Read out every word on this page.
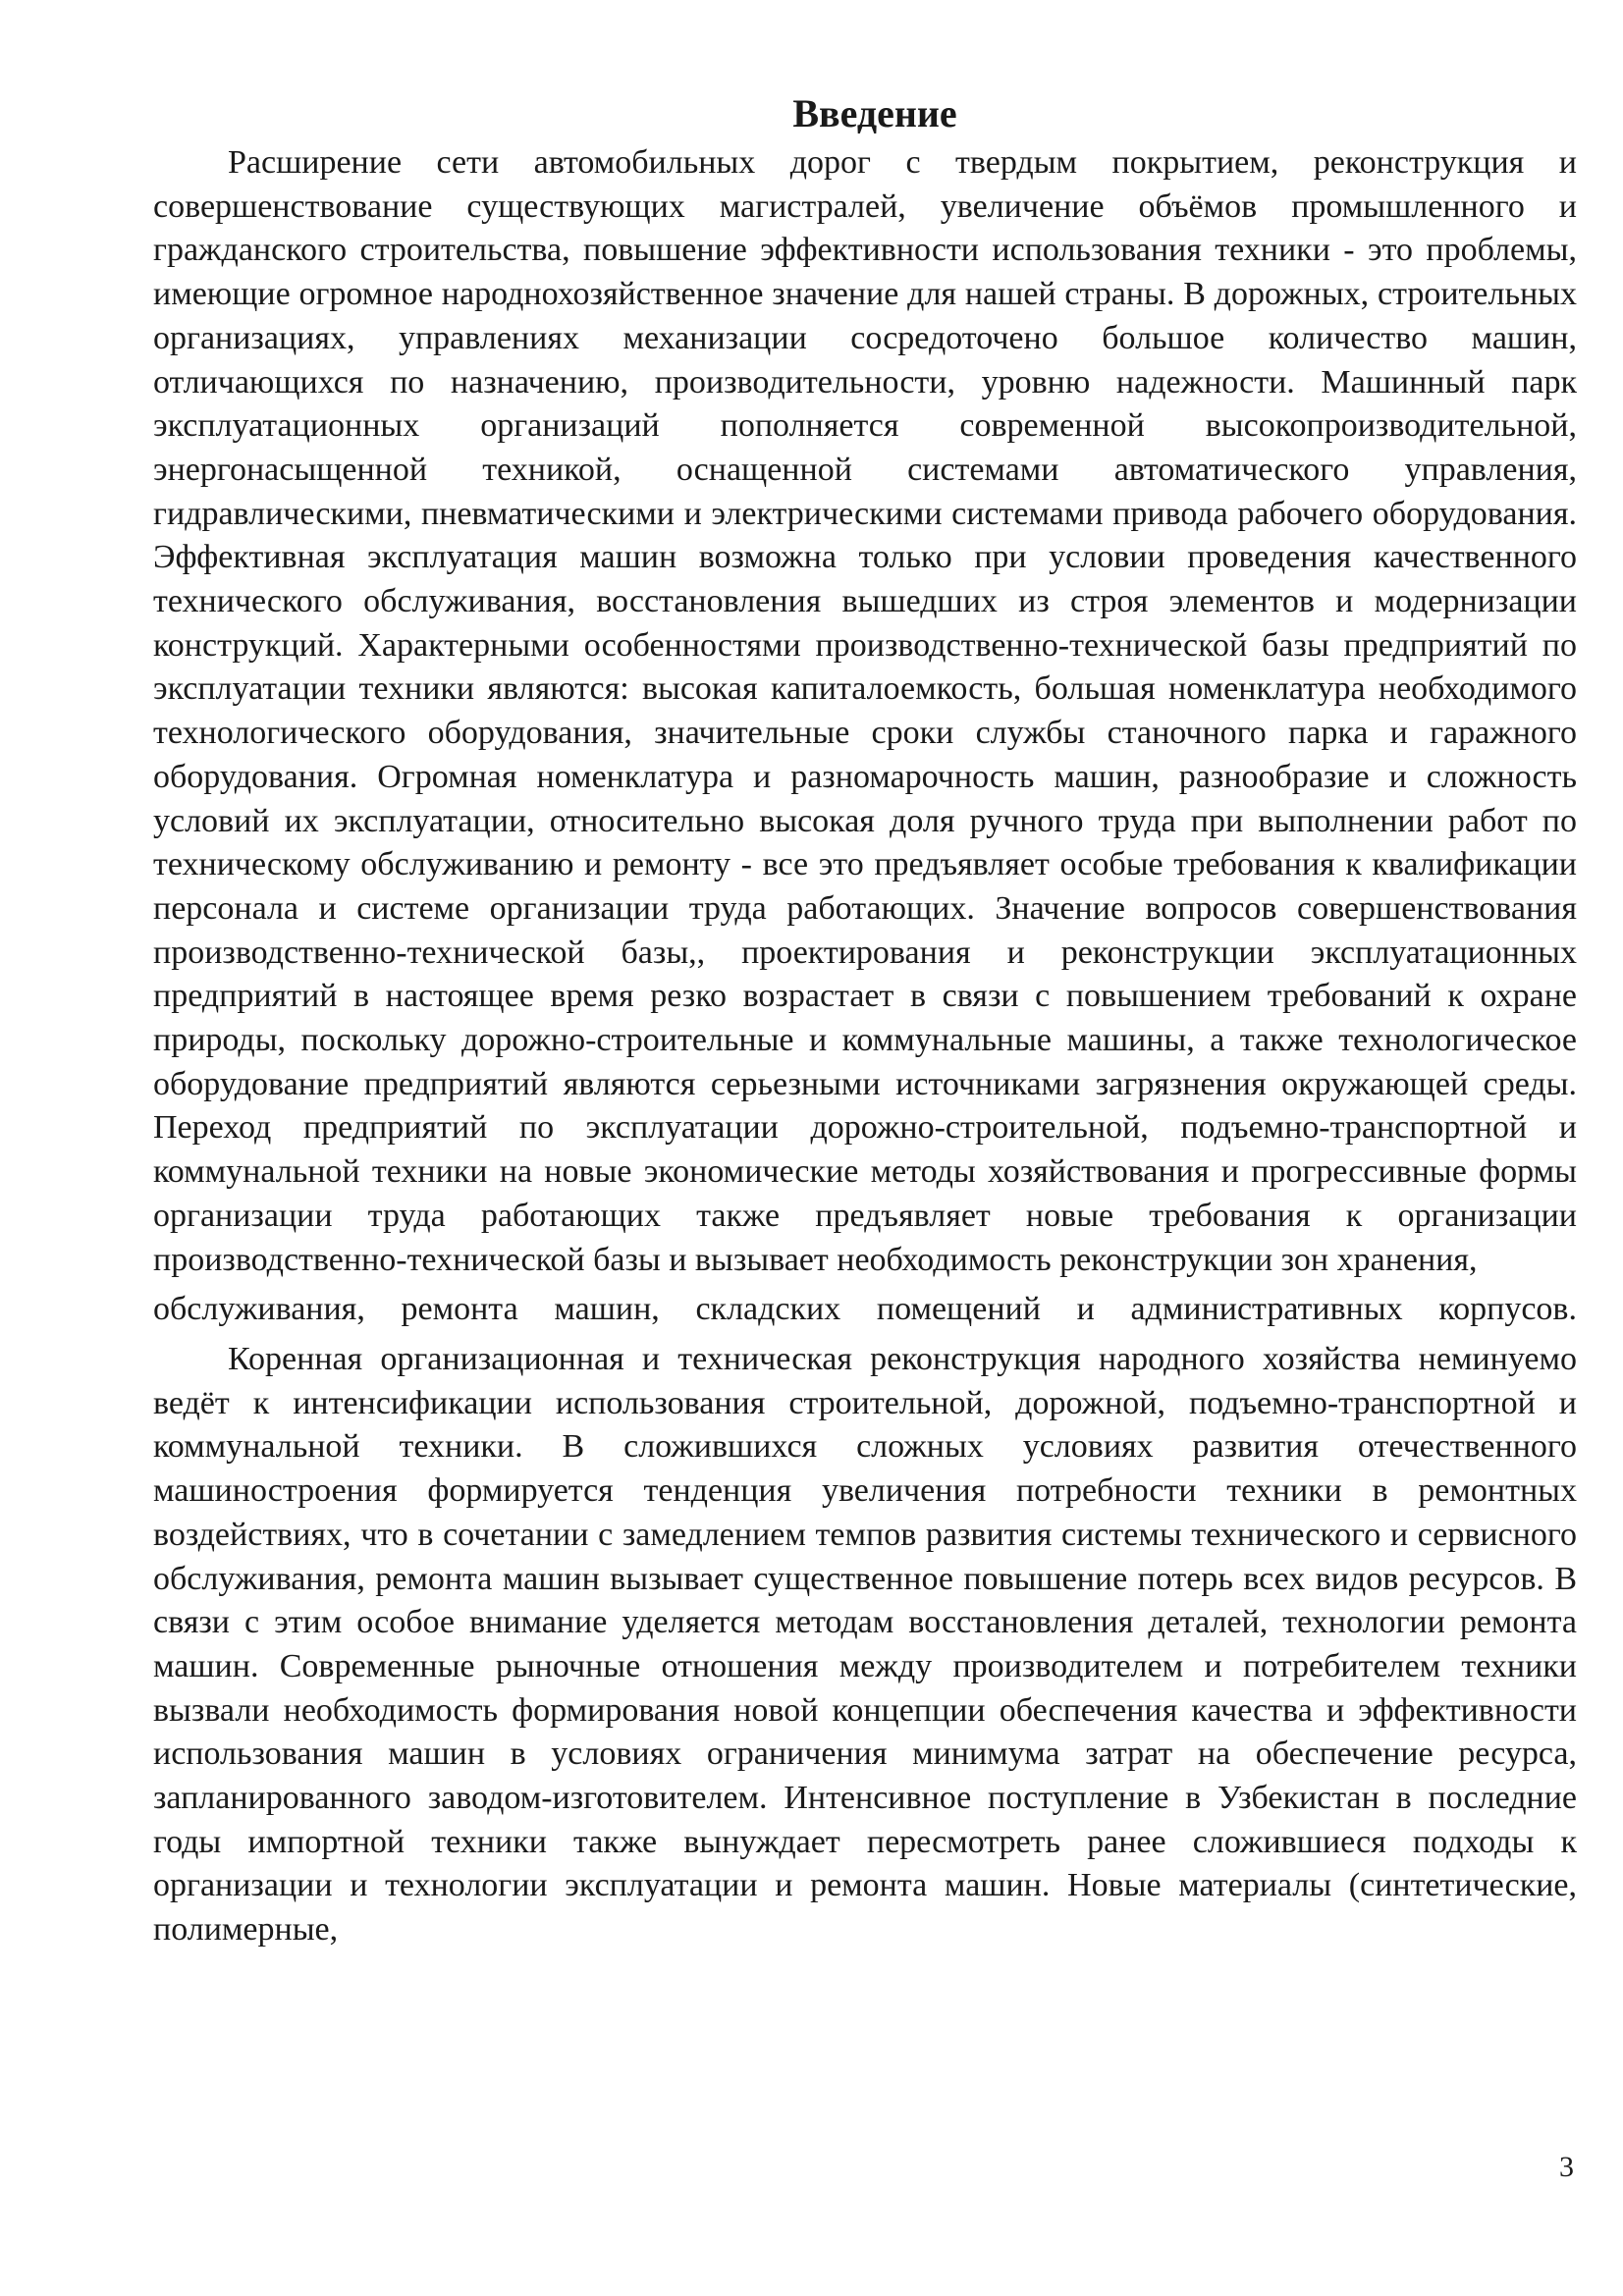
Введение

Расширение сети автомобильных дорог с твердым покрытием, реконструкция и совершенствование существующих магистралей, увеличение объёмов промышленного и гражданского строительства, повышение эффективности использования техники - это проблемы, имеющие огромное народнохозяйственное значение для нашей страны. В дорожных, строительных организациях, управлениях механизации сосредоточено большое количество машин, отличающихся по назначению, производительности, уровню надежности. Машинный парк эксплуатационных организаций пополняется современной высокопроизводительной, энергонасыщенной техникой, оснащенной системами автоматического управления, гидравлическими, пневматическими и электрическими системами привода рабочего оборудования. Эффективная эксплуатация машин возможна только при условии проведения качественного технического обслуживания, восстановления вышедших из строя элементов и модернизации конструкций. Характерными особенностями производственно-технической базы предприятий по эксплуатации техники являются: высокая капиталоемкость, большая номенклатура необходимого технологического оборудования, значительные сроки службы станочного парка и гаражного оборудования. Огромная номенклатура и разномарочность машин, разнообразие и сложность условий их эксплуатации, относительно высокая доля ручного труда при выполнении работ по техническому обслуживанию и ремонту - все это предъявляет особые требования к квалификации персонала и системе организации труда работающих. Значение вопросов совершенствования производственно-технической базы,, проектирования и реконструкции эксплуатационных предприятий в настоящее время резко возрастает в связи с повышением требований к охране природы, поскольку дорожно-строительные и коммунальные машины, а также технологическое оборудование предприятий являются серьезными источниками загрязнения окружающей среды. Переход предприятий по эксплуатации дорожно-строительной, подъемно-транспортной и коммунальной техники на новые экономические методы хозяйствования и прогрессивные формы организации труда работающих также предъявляет новые требования к организации производственно-технической базы и вызывает необходимость реконструкции зон хранения,

обслуживания, ремонта машин, складских помещений и административных корпусов.

Коренная организационная и техническая реконструкция народного хозяйства неминуемо ведёт к интенсификации использования строительной, дорожной, подъемно-транспортной и коммунальной техники. В сложившихся сложных условиях развития отечественного машиностроения формируется тенденция увеличения потребности техники в ремонтных воздействиях, что в сочетании с замедлением темпов развития системы технического и сервисного обслуживания, ремонта машин вызывает существенное повышение потерь всех видов ресурсов. В связи с этим особое внимание уделяется методам восстановления деталей, технологии ремонта машин. Современные рыночные отношения между производителем и потребителем техники вызвали необходимость формирования новой концепции обеспечения качества и эффективности использования машин в условиях ограничения минимума затрат на обеспечение ресурса, запланированного заводом-изготовителем. Интенсивное поступление в Узбекистан в последние годы импортной техники также вынуждает пересмотреть ранее сложившиеся подходы к организации и технологии эксплуатации и ремонта машин. Новые материалы (синтетические, полимерные,

3
